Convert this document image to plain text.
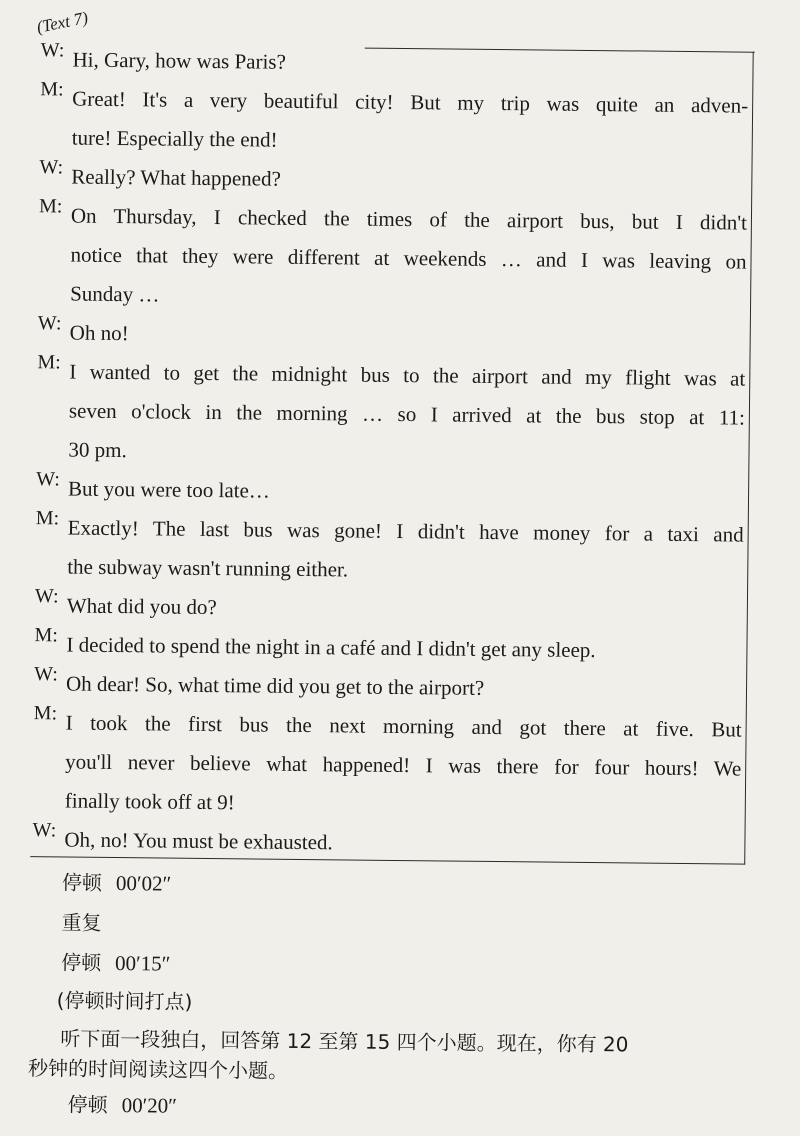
(Text 7)
W: Hi, Gary, how was Paris?
M: Great! It's a very beautiful city! But my trip was quite an adven-
ture! Especially the end!
W: Really? What happened?
M: On Thursday, I checked the times of the airport bus, but I didn't
notice that they were different at weekends … and I was leaving on
Sunday …
W: Oh no!
M: I wanted to get the midnight bus to the airport and my flight was at
seven o'clock in the morning … so I arrived at the bus stop at 11:
30 pm.
W: But you were too late…
M: Exactly! The last bus was gone! I didn't have money for a taxi and
the subway wasn't running either.
W: What did you do?
M: I decided to spend the night in a café and I didn't get any sleep.
W: Oh dear! So, what time did you get to the airport?
M: I took the first bus the next morning and got there at five. But
you'll never believe what happened! I was there for four hours! We
finally took off at 9!
W: Oh, no! You must be exhausted.
停顿 00′02″
重复
停顿 00′15″
(停顿时间打点)
听下面一段独白，回答第 12 至第 15 四个小题。现在，你有 20
秒钟的时间阅读这四个小题。
停顿 00′20″
